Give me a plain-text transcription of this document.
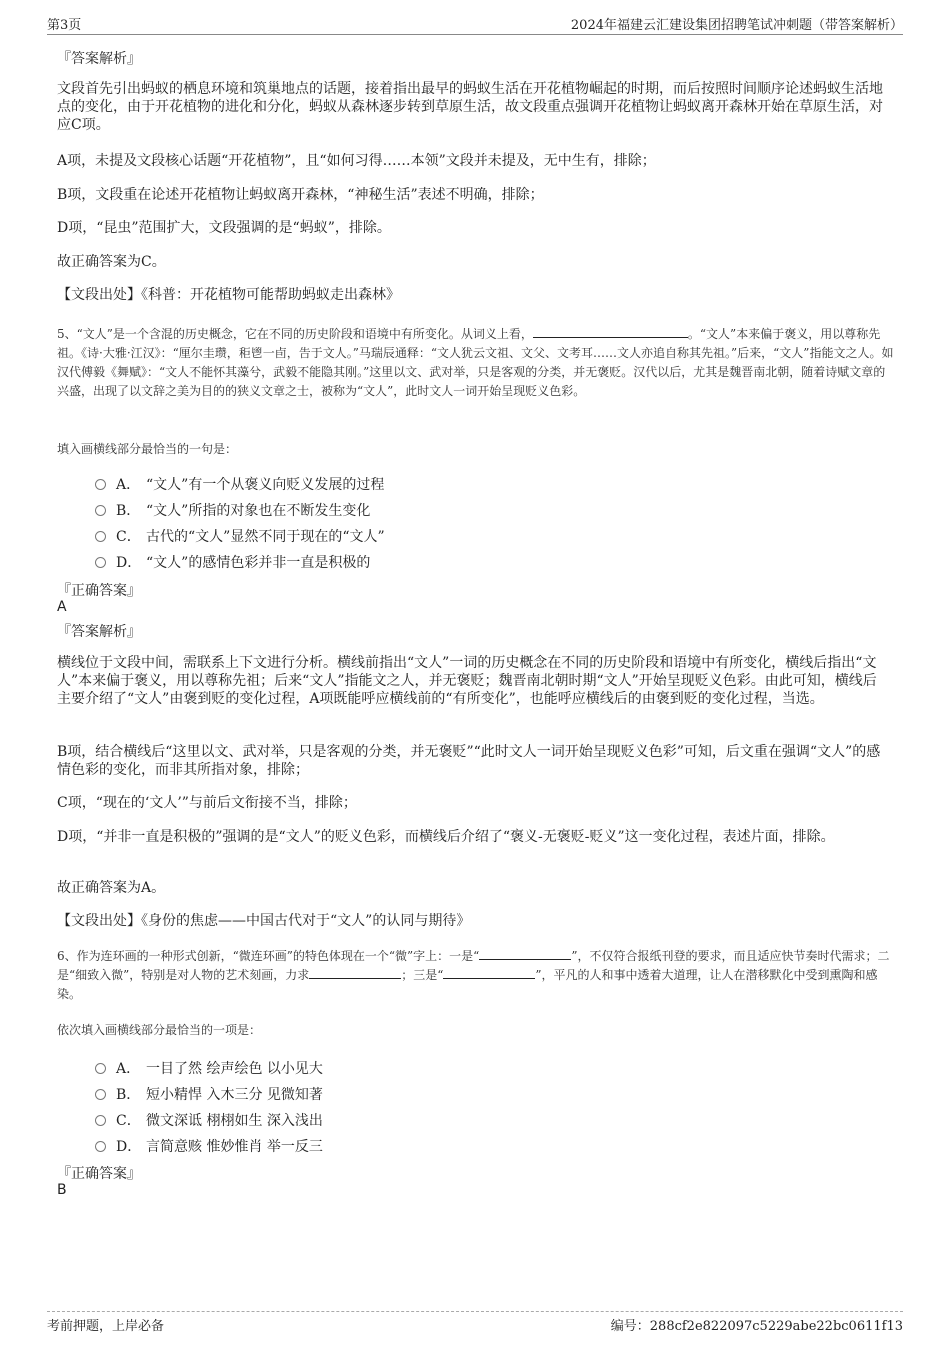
第3页	2024年福建云汇建设集团招聘笔试冲刺题（带答案解析）
『答案解析』
文段首先引出蚂蚁的栖息环境和筑巢地点的话题，接着指出最早的蚂蚁生活在开花植物崛起的时期，而后按照时间顺序论述蚂蚁生活地点的变化，由于开花植物的进化和分化，蚂蚁从森林逐步转到草原生活，故文段重点强调开花植物让蚂蚁离开森林开始在草原生活，对应C项。
A项，未提及文段核心话题“开花植物”，且“如何习得……本领”文段并未提及，无中生有，排除；
B项，文段重在论述开花植物让蚂蚁离开森林，“神秘生活”表述不明确，排除；
D项，“昆虫”范围扩大，文段强调的是“蚂蚁”，排除。
故正确答案为C。
【文段出处】《科普：开花植物可能帮助蚂蚁走出森林》
5、“文人”是一个含混的历史概念，它在不同的历史阶段和语境中有所变化。从词义上看，	。“文人”本来偏于褒义，用以尊称先祖。《诗·大雅·江汉》：“厘尔圭瓒，秬鬯一卣，告于文人。”马瑞辰通释：“文人犹云文祖、文父、文考耳……文人亦追自称其先祖。”后来，“文人”指能文之人。如汉代傅毅《舞赋》：“文人不能怀其藻兮，武毅不能隐其刚。”这里以文、武对举，只是客观的分类，并无褒贬。汉代以后，尤其是魏晋南北朝，随着诗赋文章的兴盛，出现了以文辞之美为目的的狭义文章之士，被称为“文人”，此时文人一词开始呈现贬义色彩。
填入画横线部分最恰当的一句是：
A． “文人”有一个从褒义向贬义发展的过程
B． “文人”所指的对象也在不断发生变化
C． 古代的“文人”显然不同于现在的“文人”
D． “文人”的感情色彩并非一直是积极的
『正确答案』
A
『答案解析』
横线位于文段中间，需联系上下文进行分析。横线前指出“文人”一词的历史概念在不同的历史阶段和语境中有所变化，横线后指出“文人”本来偏于褒义，用以尊称先祖；后来“文人”指能文之人，并无褒贬；魏晋南北朝时期“文人”开始呈现贬义色彩。由此可知，横线后主要介绍了“文人”由褒到贬的变化过程，A项既能呼应横线前的“有所变化”，也能呼应横线后的由褒到贬的变化过程，当选。
B项，结合横线后“这里以文、武对举，只是客观的分类，并无褒贬”“此时文人一词开始呈现贬义色彩”可知，后文重在强调“文人”的感情色彩的变化，而非其所指对象，排除；
C项，“现在的‘文人’”与前后文衔接不当，排除；
D项，“并非一直是积极的”强调的是“文人”的贬义色彩，而横线后介绍了“褒义-无褒贬-贬义”这一变化过程，表述片面，排除。
故正确答案为A。
【文段出处】《身份的焦虑——中国古代对于“文人”的认同与期待》
6、作为连环画的一种形式创新，“微连环画”的特色体现在一个“微”字上：一是“	”，不仅符合报纸刊登的要求，而且适应快节奏时代需求；二是“细致入微”，特别是对人物的艺术刻画，力求	；三是“	”，平凡的人和事中透着大道理，让人在潜移默化中受到熏陶和感染。
依次填入画横线部分最恰当的一项是：
A． 一目了然 绘声绘色 以小见大
B． 短小精悍 入木三分 见微知著
C． 微文深诋 栩栩如生 深入浅出
D． 言简意赅 惟妙惟肖 举一反三
『正确答案』
B
考前押题，上岸必备	编号：288cf2e822097c5229abe22bc0611f13
